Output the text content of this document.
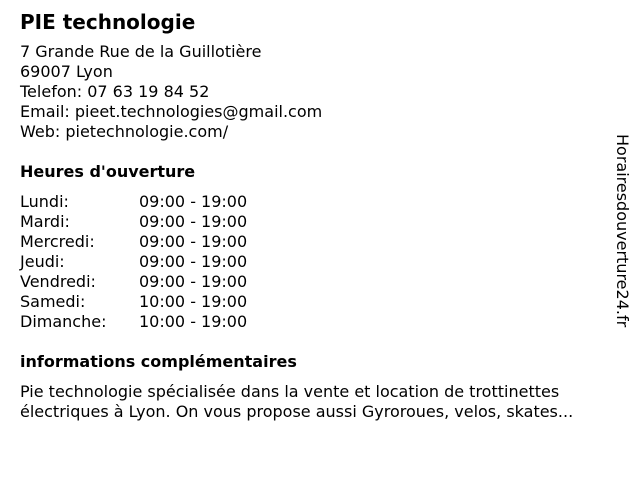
PIE technologie
7 Grande Rue de la Guillotière
69007 Lyon
Telefon: 07 63 19 84 52
Email: pieet.technologies@gmail.com
Web: pietechnologie.com/
Heures d'ouverture
Lundi:	09:00 - 19:00
Mardi:	09:00 - 19:00
Mercredi:	09:00 - 19:00
Jeudi:	09:00 - 19:00
Vendredi:	09:00 - 19:00
Samedi:	10:00 - 19:00
Dimanche:	10:00 - 19:00
informations complémentaires
Pie technologie spécialisée dans la vente et location de trottinettes électriques à Lyon. On vous propose aussi Gyroroues, velos, skates...
Horairesdouverture24.fr
